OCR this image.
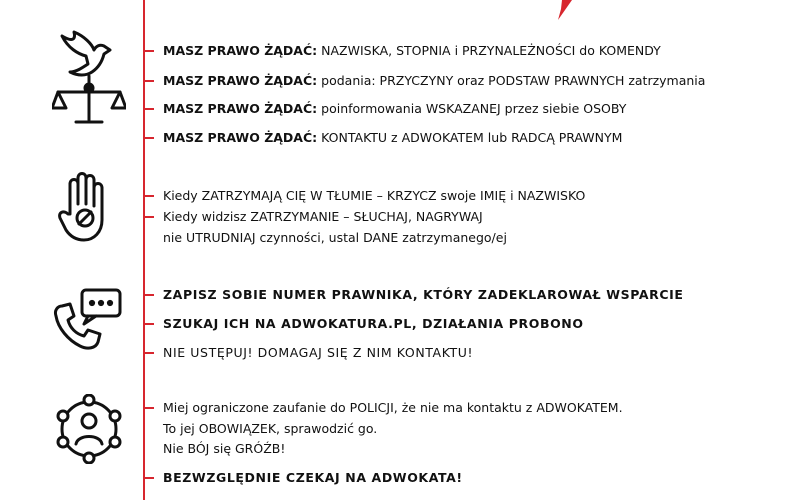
MASZ PRAWO ŻĄDAĆ: NAZWISKA, STOPNIA i PRZYNALEŻNOŚCI do KOMENDY
MASZ PRAWO ŻĄDAĆ: podania: PRZYCZYNY oraz PODSTAW PRAWNYCH zatrzymania
MASZ PRAWO ŻĄDAĆ: poinformowania WSKAZANEJ przez siebie OSOBY
MASZ PRAWO ŻĄDAĆ: KONTAKTU z ADWOKATEM lub RADCĄ PRAWNYM
Kiedy ZATRZYMAJĄ CIĘ W TŁUMIE – KRZYCZ swoje IMIĘ i NAZWISKO
Kiedy widzisz ZATRZYMANIE – SŁUCHAJ, NAGRYWAJ
nie UTRUDNIAJ czynności, ustal DANE zatrzymanego/ej
ZAPISZ SOBIE NUMER PRAWNIKA, KTÓRY ZADEKLAROWAŁ WSPARCIE
SZUKAJ ICH NA ADWOKATURA.PL, DZIAŁANIA PROBONO
NIE USTĘPUJ! DOMAGAJ SIĘ Z NIM KONTAKTU!
Miej ograniczone zaufanie do POLICJI, że nie ma kontaktu z ADWOKATEM.
To jej OBOWIĄZEK, sprawodzić go.
Nie BÓJ się GRÓŹB!
BEZWZGLĘDNIE CZEKAJ NA ADWOKATA!
